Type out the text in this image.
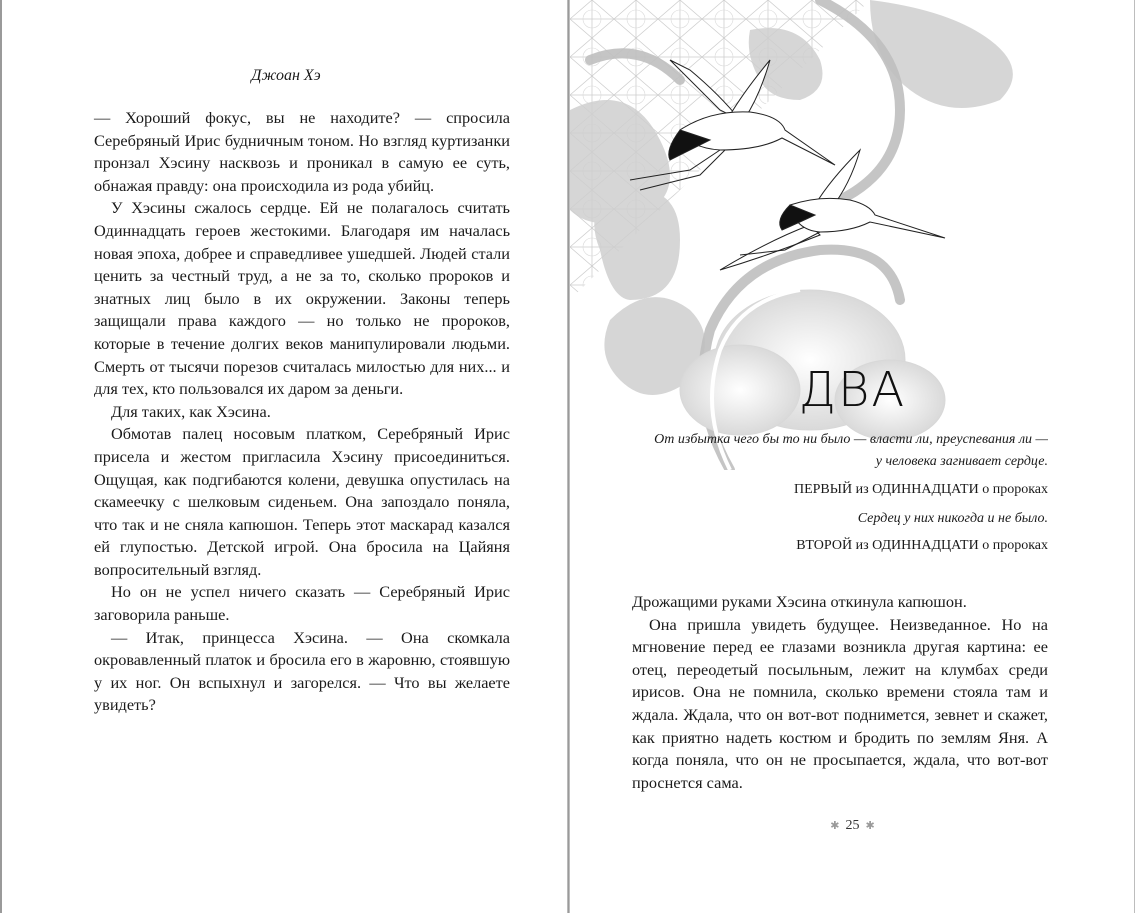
Джоан Хэ

— Хороший фокус, вы не находите? — спросила Серебряный Ирис будничным тоном. Но взгляд куртизанки пронзал Хэсину насквозь и проникал в самую ее суть, обнажая правду: она происходила из рода убийц.

У Хэсины сжалось сердце. Ей не полагалось считать Одиннадцать героев жестокими. Благодаря им началась новая эпоха, добрее и справедливее ушедшей. Людей стали ценить за честный труд, а не за то, сколько пророков и знатных лиц было в их окружении. Законы теперь защищали права каждого — но только не пророков, которые в течение долгих веков манипулировали людьми. Смерть от тысячи порезов считалась милостью для них... и для тех, кто пользовался их даром за деньги.

Для таких, как Хэсина.

Обмотав палец носовым платком, Серебряный Ирис присела и жестом пригласила Хэсину присоединиться. Ощущая, как подгибаются колени, девушка опустилась на скамеечку с шелковым сиденьем. Она запоздало поняла, что так и не сняла капюшон. Теперь этот маскарад казался ей глупостью. Детской игрой. Она бросила на Цайяня вопросительный взгляд.

Но он не успел ничего сказать — Серебряный Ирис заговорила раньше.

— Итак, принцесса Хэсина. — Она скомкала окровавленный платок и бросила его в жаровню, стоявшую у их ног. Он вспыхнул и загорелся. — Что вы желаете увидеть?

ДВА
От избытка чего бы то ни было — власти ли, преуспевания ли — у человека загнивает сердце.
ПЕРВЫЙ из ОДИННАДЦАТИ о пророках
Сердец у них никогда и не было.
ВТОРОЙ из ОДИННАДЦАТИ о пророках

Дрожащими руками Хэсина откинула капюшон.

Она пришла увидеть будущее. Неизведанное. Но на мгновение перед ее глазами возникла другая картина: ее отец, переодетый посыльным, лежит на клумбах среди ирисов. Она не помнила, сколько времени стояла там и ждала. Ждала, что он вот-вот поднимется, зевнет и скажет, как приятно надеть костюм и бродить по землям Яня. А когда поняла, что он не просыпается, ждала, что вот-вот проснется сама.

✱ 25 ✱
